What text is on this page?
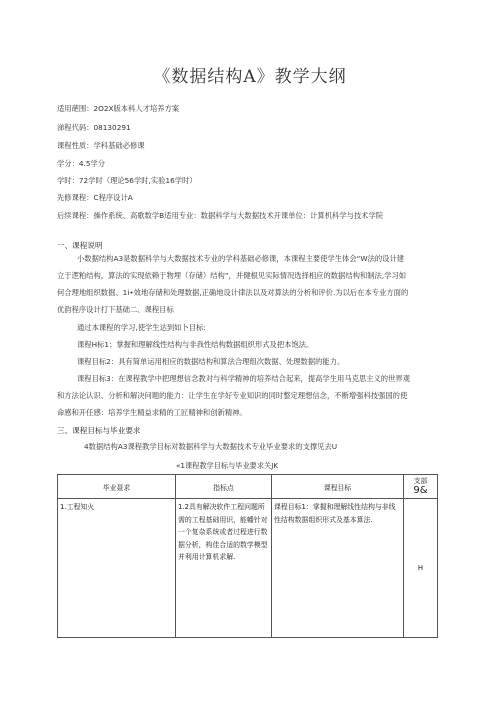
《数据结构A》教学大纲
适用葩围：2O2X版本科人才培养方案
涕程代码：08130291
课程性质：学科基础必修课
学分：4.5学分
学时：72学时（理论56学时,实验16学时）
先修课程：C程序设计A
后续课程：操作系统、高歌数学B适用专业：数据科学与大数据技术开课单位：计算机科学与技术学院
一、课程说明
小数据结构A3是数据科学与大数据技术专业的学科基础必修课，本课程主要使学生体会“W法的设计建
立于逻粕结构，算法的实现依赖于物埋（存储）结构”，并健根见实际情况选择相应的数据结构和制法,学习如
何合理地组织数掘、1i•效地存储和处理数据,正确地设计律法以及对算法的分析和评价.为以后在本专业方面的
优韵程序设计打下基础二、课程目标
通过本课程的学习,使学生达到如卜目标:
课程H标1：掌握和理解线性结构与非我性结构数据组织形式及把本饱法。
课程目标2：具有简单运用相应的数据结构和算法合理组次数据、处理数据的能力。
课程目标3：在课程教学中把理想信念教对与科学精神的培养结合起来，提高学生用马克思主义的世界观
和方法论认识、分析和解决问题的能力：让学生在学好专业知识的同时整定理想信念，不断增强科技强国的使
命感和开任感：培养学生精益求精的工匠精神和创新精神。
三、课程目标与毕业要求
4数据结构A3课程教学目标对数据科学与大数据技术专业毕业要求的支撑见去U
«1课程教学目标与毕业要求关JK
毕业聂求	指标点	课程目标	支部
9&
1.工程知火	1.2具有解决软件工程问题所需的工程基础用识，能幡针对一个复杂系统或者过程进行数据分析，构佳合适的数学模型并利用计算机求解.	课程目标1：掌握和理解线性结构与非线性结构数据组织形式及基本算法.	H
